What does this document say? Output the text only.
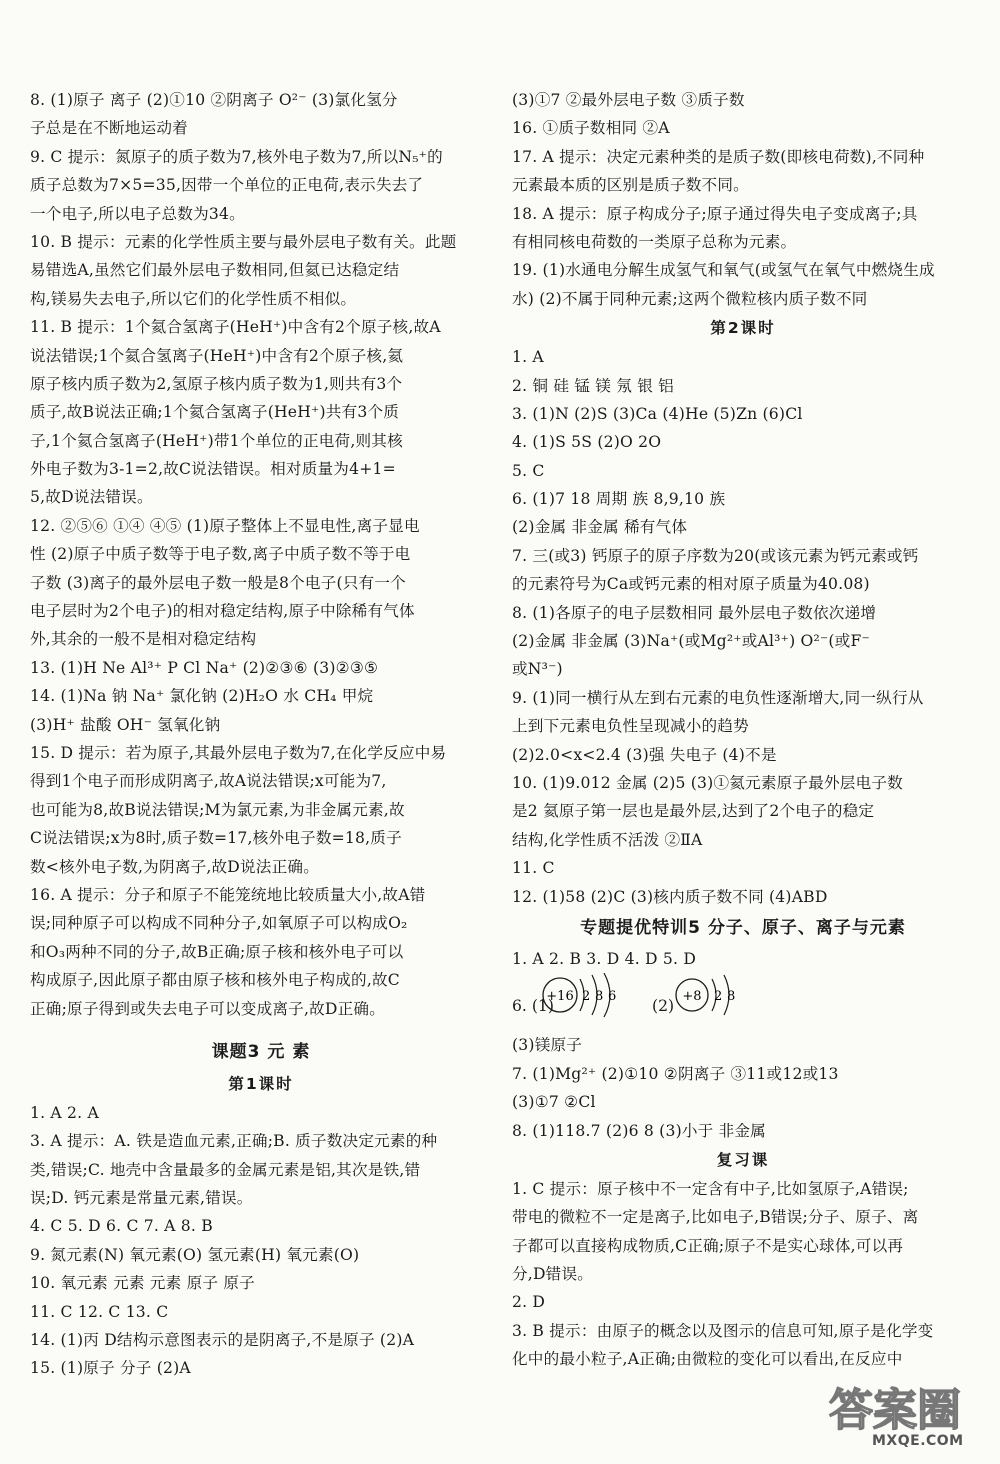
8. (1)原子 离子 (2)①10 ②阴离子 O²⁻ (3)氯化氢分
子总是在不断地运动着
9. C 提示：氮原子的质子数为7,核外电子数为7,所以N₅⁺的
质子总数为7×5=35,因带一个单位的正电荷,表示失去了
一个电子,所以电子总数为34。
10. B 提示：元素的化学性质主要与最外层电子数有关。此题
易错选A,虽然它们最外层电子数相同,但氦已达稳定结
构,镁易失去电子,所以它们的化学性质不相似。
11. B 提示：1个氦合氢离子(HeH⁺)中含有2个原子核,故A
说法错误;1个氦合氢离子(HeH⁺)中含有2个原子核,氦
原子核内质子数为2,氢原子核内质子数为1,则共有3个
质子,故B说法正确;1个氦合氢离子(HeH⁺)共有3个质
子,1个氦合氢离子(HeH⁺)带1个单位的正电荷,则其核
外电子数为3-1=2,故C说法错误。相对质量为4+1=
5,故D说法错误。
12. ②⑤⑥ ①④ ④⑤ (1)原子整体上不显电性,离子显电
性 (2)原子中质子数等于电子数,离子中质子数不等于电
子数 (3)离子的最外层电子数一般是8个电子(只有一个
电子层时为2个电子)的相对稳定结构,原子中除稀有气体
外,其余的一般不是相对稳定结构
13. (1)H Ne Al³⁺ P Cl Na⁺ (2)②③⑥ (3)②③⑤
14. (1)Na 钠 Na⁺ 氯化钠 (2)H₂O 水 CH₄ 甲烷
(3)H⁺ 盐酸 OH⁻ 氢氧化钠
15. D 提示：若为原子,其最外层电子数为7,在化学反应中易
得到1个电子而形成阴离子,故A说法错误;x可能为7,
也可能为8,故B说法错误;M为氯元素,为非金属元素,故
C说法错误;x为8时,质子数=17,核外电子数=18,质子
数<核外电子数,为阴离子,故D说法正确。
16. A 提示：分子和原子不能笼统地比较质量大小,故A错
误;同种原子可以构成不同种分子,如氧原子可以构成O₂
和O₃两种不同的分子,故B正确;原子核和核外电子可以
构成原子,因此原子都由原子核和核外电子构成的,故C
正确;原子得到或失去电子可以变成离子,故D正确。
课题3 元 素
第1课时
1. A 2. A
3. A 提示：A. 铁是造血元素,正确;B. 质子数决定元素的种
类,错误;C. 地壳中含量最多的金属元素是铝,其次是铁,错
误;D. 钙元素是常量元素,错误。
4. C 5. D 6. C 7. A 8. B
9. 氮元素(N) 氧元素(O) 氢元素(H) 氧元素(O)
10. 氧元素 元素 元素 原子 原子
11. C 12. C 13. C
14. (1)丙 D结构示意图表示的是阴离子,不是原子 (2)A
15. (1)原子 分子 (2)A
(3)①7 ②最外层电子数 ③质子数
16. ①质子数相同 ②A
17. A 提示：决定元素种类的是质子数(即核电荷数),不同种
元素最本质的区别是质子数不同。
18. A 提示：原子构成分子;原子通过得失电子变成离子;具
有相同核电荷数的一类原子总称为元素。
19. (1)水通电分解生成氢气和氧气(或氢气在氧气中燃烧生成
水) (2)不属于同种元素;这两个微粒核内质子数不同
第2课时
1. A
2. 铜 硅 锰 镁 氖 银 铝
3. (1)N (2)S (3)Ca (4)He (5)Zn (6)Cl
4. (1)S 5S (2)O 2O
5. C
6. (1)7 18 周期 族 8,9,10 族
(2)金属 非金属 稀有气体
7. 三(或3) 钙原子的原子序数为20(或该元素为钙元素或钙
的元素符号为Ca或钙元素的相对原子质量为40.08)
8. (1)各原子的电子层数相同 最外层电子数依次递增
(2)金属 非金属 (3)Na⁺(或Mg²⁺或Al³⁺) O²⁻(或F⁻
或N³⁻)
9. (1)同一横行从左到右元素的电负性逐渐增大,同一纵行从
上到下元素电负性呈现减小的趋势
(2)2.0<x<2.4 (3)强 失电子 (4)不是
10. (1)9.012 金属 (2)5 (3)①氦元素原子最外层电子数
是2 氦原子第一层也是最外层,达到了2个电子的稳定
结构,化学性质不活泼 ②ⅡA
11. C
12. (1)58 (2)C (3)核内质子数不同 (4)ABD
专题提优特训5 分子、原子、离子与元素
1. A 2. B 3. D 4. D 5. D
6. (1)
+16 2 8 6	+8 2 8
(2)
(3)镁原子
7. (1)Mg²⁺ (2)①10 ②阴离子 ③11或12或13
(3)①7 ②Cl
8. (1)118.7 (2)6 8 (3)小于 非金属
复习课
1. C 提示：原子核中不一定含有中子,比如氢原子,A错误;
带电的微粒不一定是离子,比如电子,B错误;分子、原子、离
子都可以直接构成物质,C正确;原子不是实心球体,可以再
分,D错误。
2. D
3. B 提示：由原子的概念以及图示的信息可知,原子是化学变
化中的最小粒子,A正确;由微粒的变化可以看出,在反应中
答案圈
MXQE.COM
